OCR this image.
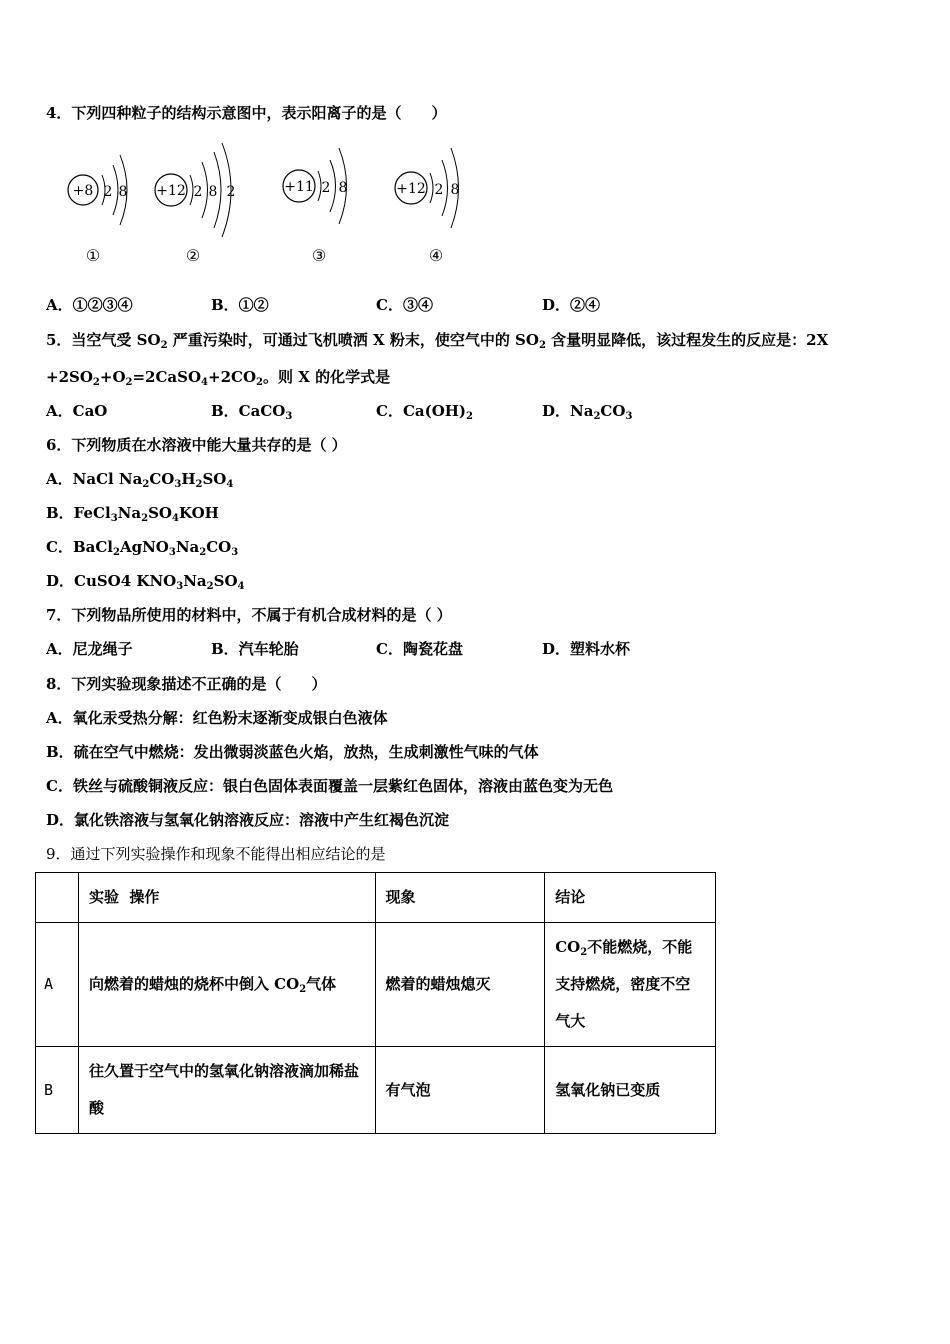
4．下列四种粒子的结构示意图中，表示阳离子的是（　　）
+8 2 8
①
+12 2 8 2
②
+11 2 8
③
+12 2 8
④
A．①②③④	B．①②	C．③④	D．②④
5．当空气受 $SO_2$ 严重污染时，可通过飞机喷洒 X 粉末，使空气中的 $SO_2$ 含量明显降低，该过程发生的反应是：2X
$+2SO_2+O_2=2CaSO_4+2CO_2$。则 X 的化学式是
A．CaO	B．CaCO$_3$	C．$Ca(OH)_2$	D．$Na_2CO_3$
6．下列物质在水溶液中能大量共存的是（ ）
A．NaCl $Na_2CO_3H_2SO_4$
B．$FeCl_3Na_2SO_4KOH$
C．$BaCl_2AgNO_3Na_2CO_3$
D．CuSO4 $KNO_3Na_2SO_4$
7．下列物品所使用的材料中，不属于有机合成材料的是（ ）
A．尼龙绳子	B．汽车轮胎	C．陶瓷花盘	D．塑料水杯
8．下列实验现象描述不正确的是（　　）
A．氧化汞受热分解：红色粉末逐渐变成银白色液体
B．硫在空气中燃烧：发出微弱淡蓝色火焰，放热，生成刺激性气味的气体
C．铁丝与硫酸铜液反应：银白色固体表面覆盖一层紫红色固体，溶液由蓝色变为无色
D．氯化铁溶液与氢氧化钠溶液反应：溶液中产生红褐色沉淀
9．通过下列实验操作和现象不能得出相应结论的是
	实验  操作	现象	结论
A	向燃着的蜡烛的烧杯中倒入 $CO_2$气体	燃着的蜡烛熄灭	$CO_2$不能燃烧，不能支持燃烧，密度不空气大
B	往久置于空气中的氢氧化钠溶液滴加稀盐酸	有气泡	氢氧化钠已变质
